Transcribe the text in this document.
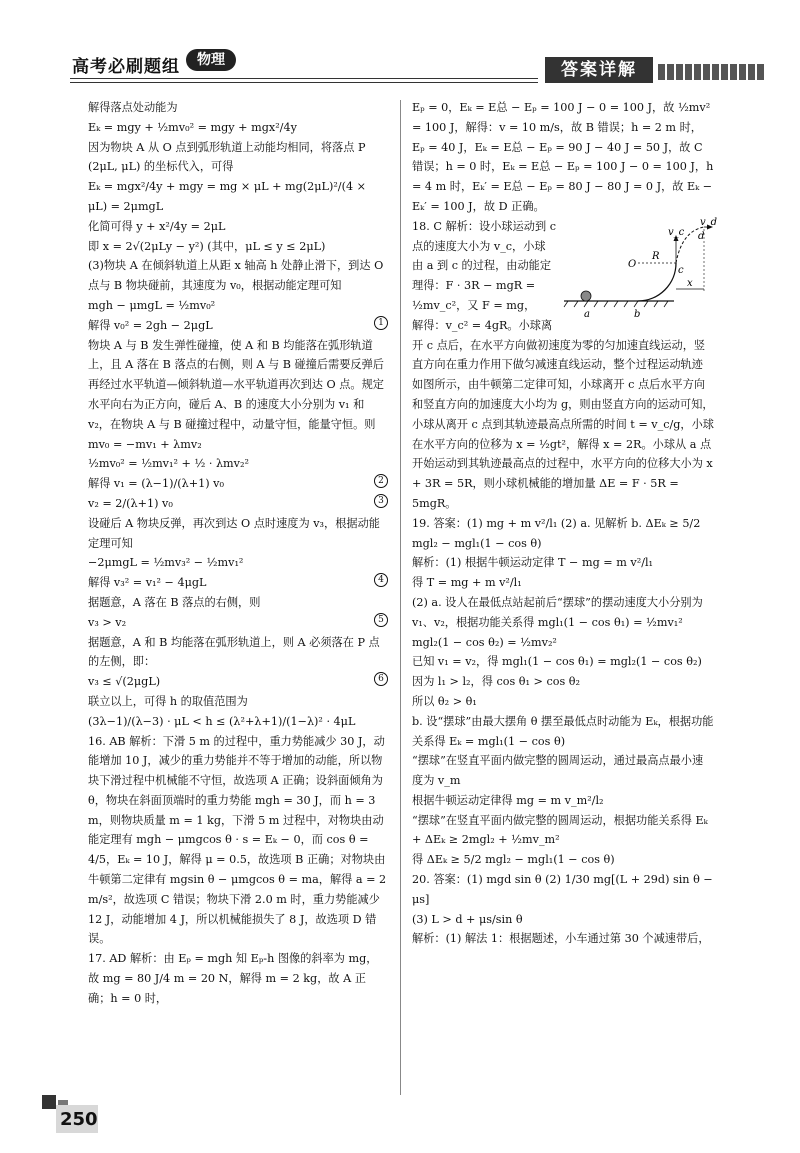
高考必刷题组	物理	答案详解

解得落点处动能为

Eₖ = mgy + ½mv₀² = mgy + mgx²/4y

因为物块 A 从 O 点到弧形轨道上动能均相同，将落点 P (2μL, μL) 的坐标代入，可得

Eₖ = mgx²/4y + mgy = mg × μL + mg(2μL)²/(4 × μL) = 2μmgL

化简可得 y + x²/4y = 2μL

即 x = 2√(2μLy − y²) (其中，μL ≤ y ≤ 2μL)

(3)物块 A 在倾斜轨道上从距 x 轴高 h 处静止滑下，到达 O 点与 B 物块碰前，其速度为 v₀，根据动能定理可知

mgh − μmgL = ½mv₀²

解得 v₀² = 2gh − 2μgL	1

物块 A 与 B 发生弹性碰撞，使 A 和 B 均能落在弧形轨道上，且 A 落在 B 落点的右侧，则 A 与 B 碰撞后需要反弹后再经过水平轨道—倾斜轨道—水平轨道再次到达 O 点。规定水平向右为正方向，碰后 A、B 的速度大小分别为 v₁ 和 v₂，在物块 A 与 B 碰撞过程中，动量守恒，能量守恒。则

mv₀ = −mv₁ + λmv₂

½mv₀² = ½mv₁² + ½ · λmv₂²

解得 v₁ = (λ−1)/(λ+1) v₀	2

v₂ = 2/(λ+1) v₀	3

设碰后 A 物块反弹，再次到达 O 点时速度为 v₃，根据动能定理可知

−2μmgL = ½mv₃² − ½mv₁²

解得 v₃² = v₁² − 4μgL	4

据题意，A 落在 B 落点的右侧，则

v₃ > v₂	5

据题意，A 和 B 均能落在弧形轨道上，则 A 必须落在 P 点的左侧，即：

v₃ ≤ √(2μgL)	6

联立以上，可得 h 的取值范围为

(3λ−1)/(λ−3) · μL < h ≤ (λ²+λ+1)/(1−λ)² · 4μL

16. AB 解析：下滑 5 m 的过程中，重力势能减少 30 J，动能增加 10 J，减少的重力势能并不等于增加的动能，所以物块下滑过程中机械能不守恒，故选项 A 正确；设斜面倾角为 θ，物块在斜面顶端时的重力势能 mgh = 30 J，而 h = 3 m，则物块质量 m = 1 kg，下滑 5 m 过程中，对物块由动能定理有 mgh − μmgcos θ · s = Eₖ − 0，而 cos θ = 4/5，Eₖ = 10 J，解得 μ = 0.5，故选项 B 正确；对物块由牛顿第二定律有 mgsin θ − μmgcos θ = ma，解得 a = 2 m/s²，故选项 C 错误；物块下滑 2.0 m 时，重力势能减少 12 J，动能增加 4 J，所以机械能损失了 8 J，故选项 D 错误。

17. AD 解析：由 Eₚ = mgh 知 Eₚ-h 图像的斜率为 mg，故 mg = 80 J/4 m = 20 N，解得 m = 2 kg，故 A 正确；h = 0 时，

Eₚ = 0，Eₖ = E总 − Eₚ = 100 J − 0 = 100 J，故 ½mv² = 100 J，解得：v = 10 m/s，故 B 错误；h = 2 m 时，Eₚ = 40 J，Eₖ = E总 − Eₚ = 90 J − 40 J = 50 J，故 C 错误；h = 0 时，Eₖ = E总 − Eₚ = 100 J − 0 = 100 J，h = 4 m 时，Eₖ′ = E总 − Eₚ = 80 J − 80 J = 0 J，故 Eₖ − Eₖ′ = 100 J，故 D 正确。

v_c
v_d
d
O
R
c
x
a	b

18. C 解析：设小球运动到 c 点的速度大小为 v_c，小球由 a 到 c 的过程，由动能定理得：F · 3R − mgR = ½mv_c²，又 F = mg，

解得：v_c² = 4gR。小球离开 c 点后，在水平方向做初速度为零的匀加速直线运动，竖直方向在重力作用下做匀减速直线运动，整个过程运动轨迹如图所示，由牛顿第二定律可知，小球离开 c 点后水平方向和竖直方向的加速度大小均为 g，则由竖直方向的运动可知，小球从离开 c 点到其轨迹最高点所需的时间 t = v_c/g，小球在水平方向的位移为 x = ½gt²，解得 x = 2R。小球从 a 点开始运动到其轨迹最高点的过程中，水平方向的位移大小为 x + 3R = 5R，则小球机械能的增加量 ΔE = F · 5R = 5mgR。

19. 答案：(1) mg + m v²/l₁ (2) a. 见解析 b. ΔEₖ ≥ 5/2 mgl₂ − mgl₁(1 − cos θ)

解析：(1) 根据牛顿运动定律 T − mg = m v²/l₁

得 T = mg + m v²/l₁

(2) a. 设人在最低点站起前后“摆球”的摆动速度大小分别为 v₁、v₂，根据功能关系得 mgl₁(1 − cos θ₁) = ½mv₁²

mgl₂(1 − cos θ₂) = ½mv₂²

已知 v₁ = v₂，得 mgl₁(1 − cos θ₁) = mgl₂(1 − cos θ₂)

因为 l₁ > l₂，得 cos θ₁ > cos θ₂

所以 θ₂ > θ₁

b. 设“摆球”由最大摆角 θ 摆至最低点时动能为 Eₖ，根据功能关系得 Eₖ = mgl₁(1 − cos θ)

“摆球”在竖直平面内做完整的圆周运动，通过最高点最小速度为 v_m

根据牛顿运动定律得 mg = m v_m²/l₂

“摆球”在竖直平面内做完整的圆周运动，根据功能关系得 Eₖ + ΔEₖ ≥ 2mgl₂ + ½mv_m²

得 ΔEₖ ≥ 5/2 mgl₂ − mgl₁(1 − cos θ)

20. 答案：(1) mgd sin θ (2) 1/30 mg[(L + 29d) sin θ − μs]

(3) L > d + μs/sin θ

解析：(1) 解法 1：根据题述，小车通过第 30 个减速带后，

250
